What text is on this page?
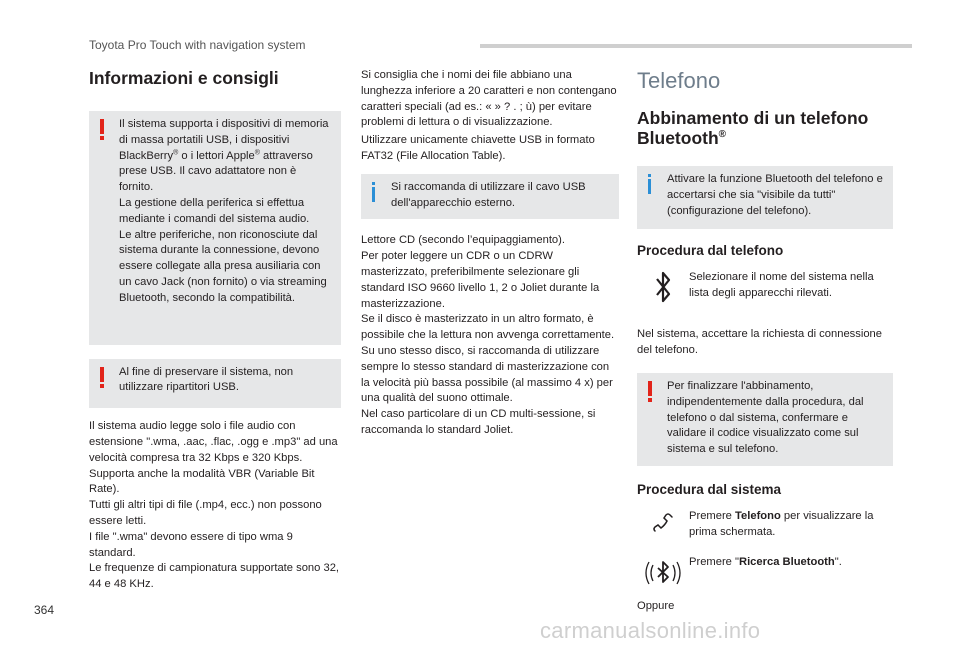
Toyota Pro Touch with navigation system
Informazioni e consigli

Il sistema supporta i dispositivi di memoria di massa portatili USB, i dispositivi BlackBerry® o i lettori Apple® attraverso prese USB. Il cavo adattatore non è fornito.

La gestione della periferica si effettua mediante i comandi del sistema audio.

Le altre periferiche, non riconosciute dal sistema durante la connessione, devono essere collegate alla presa ausiliaria con un cavo Jack (non fornito) o via streaming Bluetooth, secondo la compatibilità.

Al fine di preservare il sistema, non utilizzare ripartitori USB.

Il sistema audio legge solo i file audio con estensione ".wma, .aac, .flac, .ogg e .mp3" ad una velocità compresa tra 32 Kbps e 320 Kbps.

Supporta anche la modalità VBR (Variable Bit Rate).

Tutti gli altri tipi di file (.mp4, ecc.) non possono essere letti.

I file ".wma" devono essere di tipo wma 9 standard.

Le frequenze di campionatura supportate sono 32, 44 e 48 KHz.

Si consiglia che i nomi dei file abbiano una lunghezza inferiore a 20 caratteri e non contengano caratteri speciali (ad es.: « » ? . ; ù) per evitare problemi di lettura o di visualizzazione.

Utilizzare unicamente chiavette USB in formato FAT32 (File Allocation Table).

Si raccomanda di utilizzare il cavo USB dell'apparecchio esterno.

Lettore CD (secondo l’equipaggiamento).

Per poter leggere un CDR o un CDRW masterizzato, preferibilmente selezionare gli standard ISO 9660 livello 1, 2 o Joliet durante la masterizzazione.

Se il disco è masterizzato in un altro formato, è possibile che la lettura non avvenga correttamente.

Su uno stesso disco, si raccomanda di utilizzare sempre lo stesso standard di masterizzazione con la velocità più bassa possibile (al massimo 4 x) per una qualità del suono ottimale.

Nel caso particolare di un CD multi-sessione, si raccomanda lo standard Joliet.

Telefono
Abbinamento di un telefono Bluetooth®

Attivare la funzione Bluetooth del telefono e accertarsi che sia "visibile da tutti" (configurazione del telefono).

Procedura dal telefono

Selezionare il nome del sistema nella lista degli apparecchi rilevati.

Nel sistema, accettare la richiesta di connessione del telefono.

Per finalizzare l'abbinamento, indipendentemente dalla procedura, dal telefono o dal sistema, confermare e validare il codice visualizzato come sul sistema e sul telefono.

Procedura dal sistema

Premere Telefono per visualizzare la prima schermata.

Premere "Ricerca Bluetooth".

Oppure

364
carmanualsonline.info
